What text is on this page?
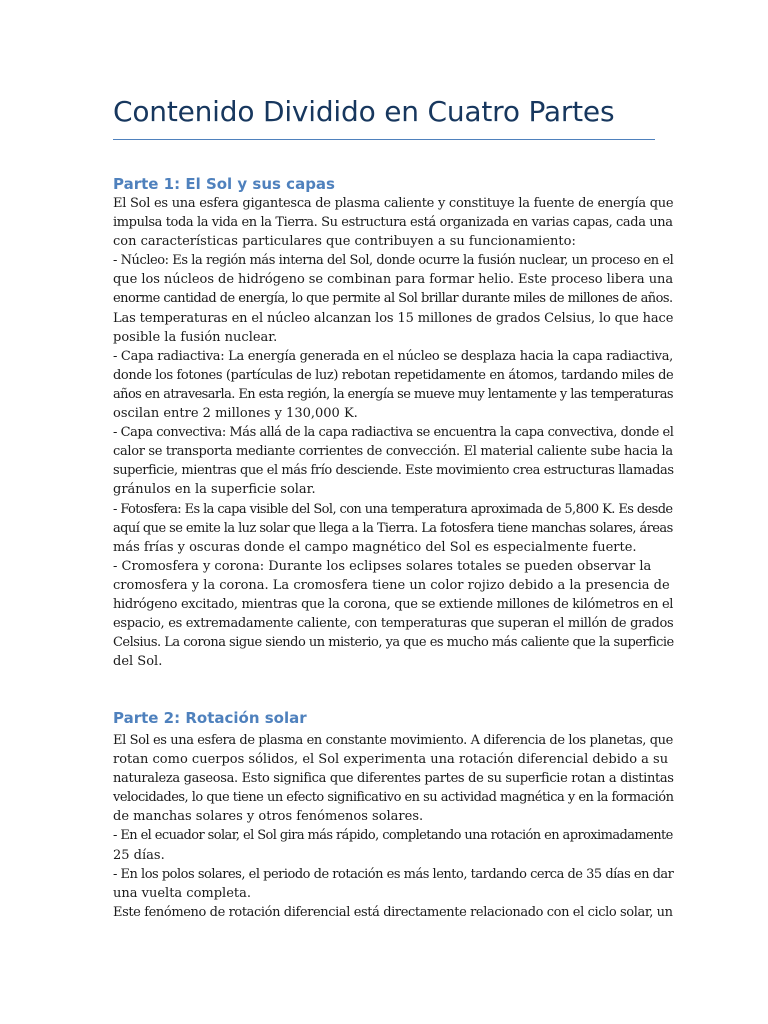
Contenido Dividido en Cuatro Partes
Parte 1: El Sol y sus capas
El Sol es una esfera gigantesca de plasma caliente y constituye la fuente de energía que
impulsa toda la vida en la Tierra. Su estructura está organizada en varias capas, cada una
con características particulares que contribuyen a su funcionamiento:
- Núcleo: Es la región más interna del Sol, donde ocurre la fusión nuclear, un proceso en el
que los núcleos de hidrógeno se combinan para formar helio. Este proceso libera una
enorme cantidad de energía, lo que permite al Sol brillar durante miles de millones de años.
Las temperaturas en el núcleo alcanzan los 15 millones de grados Celsius, lo que hace
posible la fusión nuclear.
- Capa radiactiva: La energía generada en el núcleo se desplaza hacia la capa radiactiva,
donde los fotones (partículas de luz) rebotan repetidamente en átomos, tardando miles de
años en atravesarla. En esta región, la energía se mueve muy lentamente y las temperaturas
oscilan entre 2 millones y 130,000 K.
- Capa convectiva: Más allá de la capa radiactiva se encuentra la capa convectiva, donde el
calor se transporta mediante corrientes de convección. El material caliente sube hacia la
superficie, mientras que el más frío desciende. Este movimiento crea estructuras llamadas
gránulos en la superficie solar.
- Fotosfera: Es la capa visible del Sol, con una temperatura aproximada de 5,800 K. Es desde
aquí que se emite la luz solar que llega a la Tierra. La fotosfera tiene manchas solares, áreas
más frías y oscuras donde el campo magnético del Sol es especialmente fuerte.
- Cromosfera y corona: Durante los eclipses solares totales se pueden observar la
cromosfera y la corona. La cromosfera tiene un color rojizo debido a la presencia de
hidrógeno excitado, mientras que la corona, que se extiende millones de kilómetros en el
espacio, es extremadamente caliente, con temperaturas que superan el millón de grados
Celsius. La corona sigue siendo un misterio, ya que es mucho más caliente que la superficie
del Sol.
Parte 2: Rotación solar
El Sol es una esfera de plasma en constante movimiento. A diferencia de los planetas, que
rotan como cuerpos sólidos, el Sol experimenta una rotación diferencial debido a su
naturaleza gaseosa. Esto significa que diferentes partes de su superficie rotan a distintas
velocidades, lo que tiene un efecto significativo en su actividad magnética y en la formación
de manchas solares y otros fenómenos solares.
- En el ecuador solar, el Sol gira más rápido, completando una rotación en aproximadamente
25 días.
- En los polos solares, el periodo de rotación es más lento, tardando cerca de 35 días en dar
una vuelta completa.
Este fenómeno de rotación diferencial está directamente relacionado con el ciclo solar, un
